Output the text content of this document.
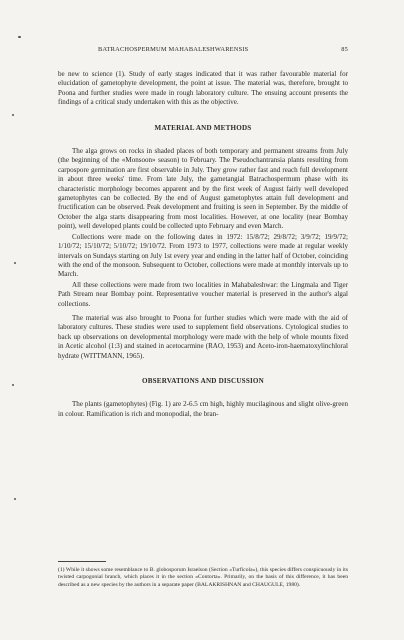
BATRACHOSPERMUM MAHABALESHWARENSIS	85

be new to science (1). Study of early stages indicated that it was rather favourable material for elucidation of gametophyte development, the point at issue. The material was, therefore, brought to Poona and further studies were made in rough laboratory culture. The ensuing account presents the findings of a critical study undertaken with this as the objective.

MATERIAL AND METHODS

The alga grows on rocks in shaded places of both temporary and permanent streams from July (the beginning of the «Monsoon» season) to February. The Pseudochantransia plants resulting from carpospore germination are first observable in July. They grow rather fast and reach full development in about three weeks' time. From late July, the gametangial Batrachospermum phase with its characteristic morphology becomes apparent and by the first week of August fairly well developed gametophytes can be collected. By the end of August gametophytes attain full development and fructification can be observed. Peak development and fruiting is seen in September. By the middle of October the alga starts disappearing from most localities. However, at one locality (near Bombay point), well developed plants could be collected upto February and even March.

Collections were made on the following dates in 1972: 15/8/72; 29/8/72; 3/9/72; 19/9/72; 1/10/72; 15/10/72; 5/10/72; 19/10/72. From 1973 to 1977, collections were made at regular weekly intervals on Sundays starting on July 1st every year and ending in the latter half of October, coinciding with the end of the monsoon. Subsequent to October, collections were made at monthly intervals up to March.

All these collections were made from two localities in Mahabaleshwar: the Lingmala and Tiger Path Stream near Bombay point. Representative voucher material is preserved in the author's algal collections.

The material was also brought to Poona for further studies which were made with the aid of laboratory cultures. These studies were used to supplement field observations. Cytological studies to back up observations on developmental morphology were made with the help of whole mounts fixed in Acetic alcohol (1:3) and stained in acetocarmine (RAO, 1953) and Aceto-iron-haematoxylinchloral hydrate (WITTMANN, 1965).

OBSERVATIONS AND DISCUSSION

The plants (gametophytes) (Fig. 1) are 2-6.5 cm high, highly mucilaginous and slight olive-green in colour. Ramification is rich and monopodial, the bran-

(1) While it shows some resemblance to B. globosporum Israelson (Section «Turficola»), this species differs conspicuously in its twisted carpogonial branch, which places it in the section «Contorta». Primarily, on the basis of this difference, it has been described as a new species by the authors in a separate paper (BALAKRISHNAN and CHAUGULE, 1980).
